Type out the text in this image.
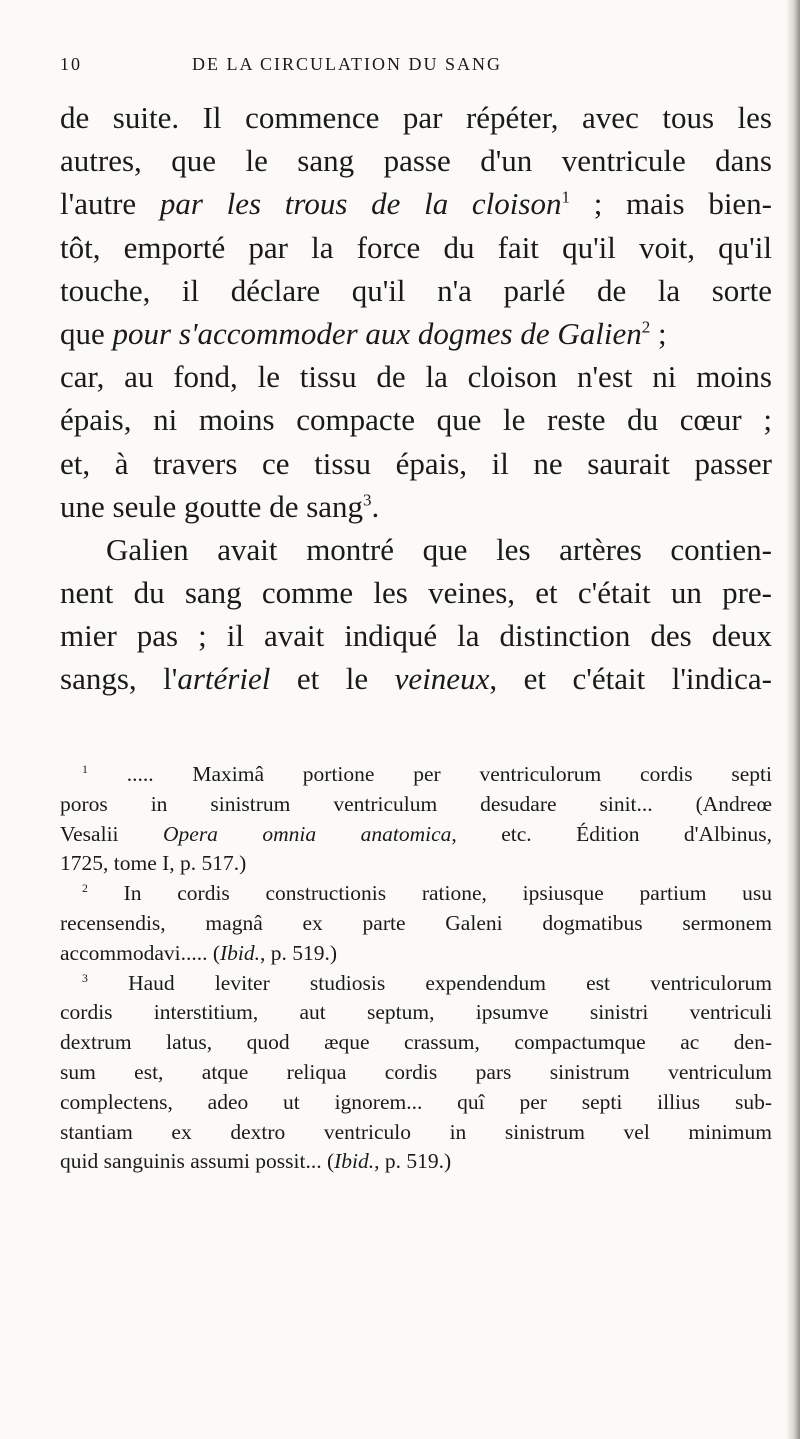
10	DE LA CIRCULATION DU SANG
de suite. Il commence par répéter, avec tous les
autres, que le sang passe d'un ventricule dans
l'autre par les trous de la cloison$^1$ ; mais bien-
tôt, emporté par la force du fait qu'il voit, qu'il
touche, il déclare qu'il n'a parlé de la sorte
que pour s'accommoder aux dogmes de Galien$^2$ ;
car, au fond, le tissu de la cloison n'est ni moins
épais, ni moins compacte que le reste du cœur ;
et, à travers ce tissu épais, il ne saurait passer
une seule goutte de sang$^3$.
Galien avait montré que les artères contien-
nent du sang comme les veines, et c'était un pre-
mier pas ; il avait indiqué la distinction des deux
sangs, l'artériel et le veineux, et c'était l'indica-
$^1$ ..... Maximâ portione per ventriculorum cordis septi
poros in sinistrum ventriculum desudare sinit... (Andreœ
Vesalii Opera omnia anatomica, etc. Édition d'Albinus,
1725, tome I, p. 517.)
$^2$ In cordis constructionis ratione, ipsiusque partium usu
recensendis, magnâ ex parte Galeni dogmatibus sermonem
accommodavi..... (Ibid., p. 519.)
$^3$ Haud leviter studiosis expendendum est ventriculorum
cordis interstitium, aut septum, ipsumve sinistri ventriculi
dextrum latus, quod æque crassum, compactumque ac den-
sum est, atque reliqua cordis pars sinistrum ventriculum
complectens, adeo ut ignorem... quî per septi illius sub-
stantiam ex dextro ventriculo in sinistrum vel minimum
quid sanguinis assumi possit... (Ibid., p. 519.)
